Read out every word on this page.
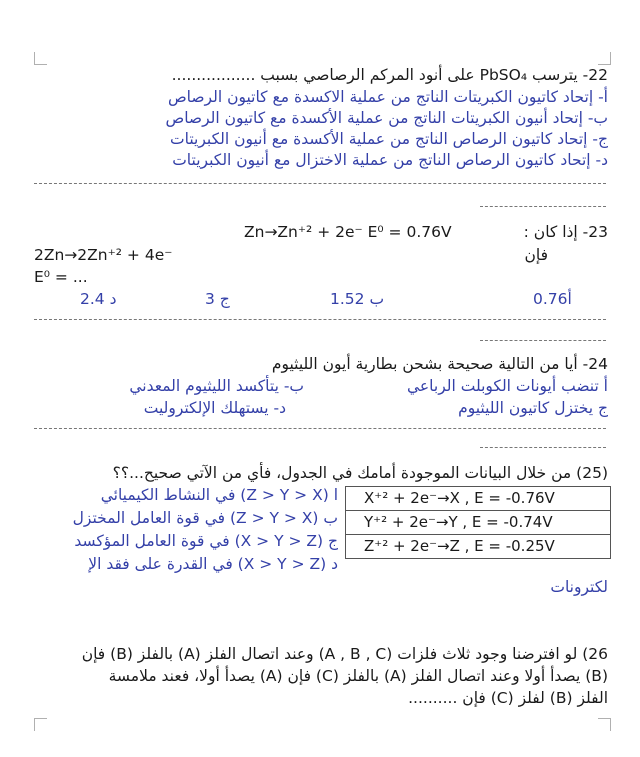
22- يترسب PbSO₄ على أنود المركم الرصاصي بسبب .................
أ- إتحاد كاتيون الكبريتات الناتج من عملية الاكسدة مع كاتيون الرصاص
ب- إتحاد أنيون الكبريتات الناتج من عملية الأكسدة مع كاتيون الرصاص
ج- إتحاد كاتيون الرصاص الناتج من عملية الأكسدة مع أنيون الكبريتات
د- إتحاد كاتيون الرصاص الناتج من عملية الاختزال مع أنيون الكبريتات
23- إذا كان :
Zn→Zn⁺² + 2e⁻ E⁰ = 0.76V
فإن
2Zn→2Zn⁺² + 4e⁻
E⁰ = ...
0.76أ
ب 1.52
ج 3
د 2.4
24- أيا من التالية صحيحة بشحن بطارية أيون الليثيوم
أ تنضب أيونات الكوبلت الرباعي
ب- يتأكسد الليثيوم المعدني
ج يختزل كاتيون الليثيوم
د- يستهلك الإلكتروليت
(25) من خلال البيانات الموجودة أمامك في الجدول، فأي من الآتي صحيح...؟؟
ا (Z > Y > X) في النشاط الكيميائي
ب (Z > Y > X) في قوة العامل المختزل
ج (X > Y > Z) في قوة العامل المؤكسد
د (X > Y > Z) في القدرة على فقد الإ
لكترونات
X⁺² + 2e⁻→X , E = -0.76V
Y⁺² + 2e⁻→Y , E = -0.74V
Z⁺² + 2e⁻→Z , E = -0.25V
26) لو افترضنا وجود ثلاث فلزات (A , B , C) وعند اتصال الفلز (A) بالفلز (B) فإن
(B) يصدأ أولا وعند اتصال الفلز (A) بالفلز (C) فإن (A) يصدأ أولا، فعند ملامسة
الفلز (B) لفلز (C) فإن ..........
